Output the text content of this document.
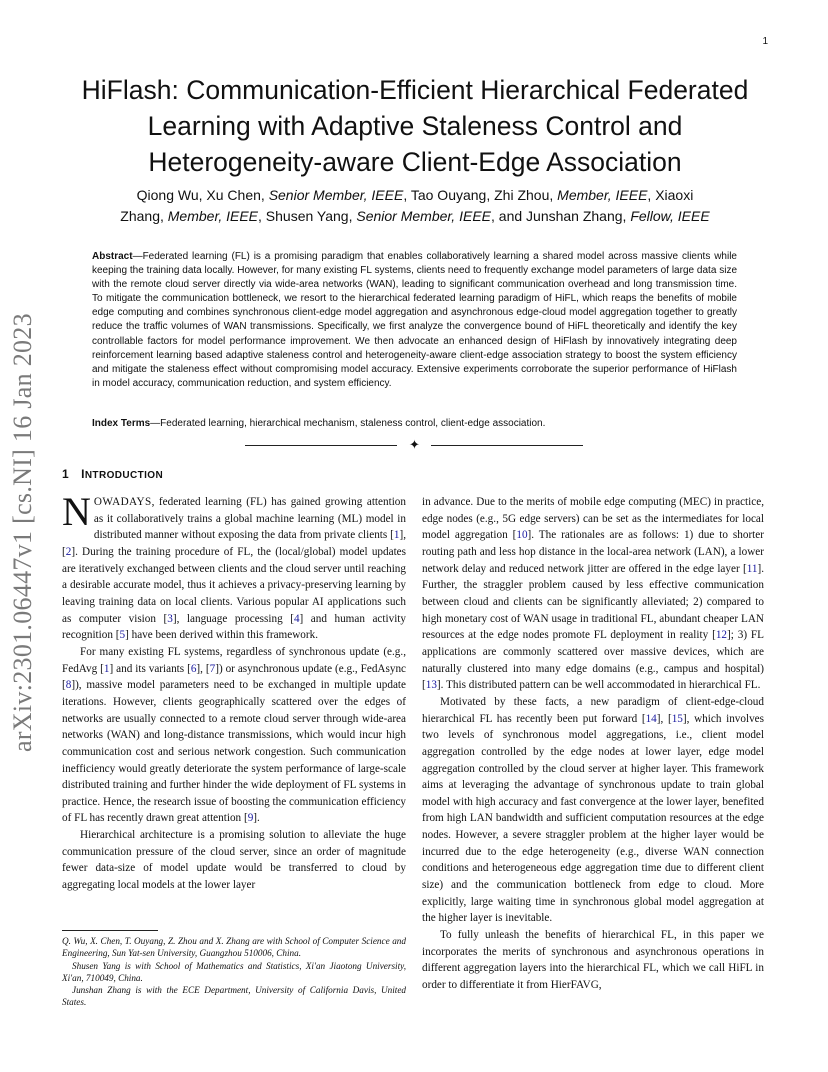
1
arXiv:2301.06447v1 [cs.NI] 16 Jan 2023
HiFlash: Communication-Efficient Hierarchical Federated
Learning with Adaptive Staleness Control and
Heterogeneity-aware Client-Edge Association
Qiong Wu, Xu Chen, Senior Member, IEEE, Tao Ouyang, Zhi Zhou, Member, IEEE, Xiaoxi
Zhang, Member, IEEE, Shusen Yang, Senior Member, IEEE, and Junshan Zhang, Fellow, IEEE
Abstract—Federated learning (FL) is a promising paradigm that enables collaboratively learning a shared model across massive clients while keeping the training data locally. However, for many existing FL systems, clients need to frequently exchange model parameters of large data size with the remote cloud server directly via wide-area networks (WAN), leading to significant communication overhead and long transmission time. To mitigate the communication bottleneck, we resort to the hierarchical federated learning paradigm of HiFL, which reaps the benefits of mobile edge computing and combines synchronous client-edge model aggregation and asynchronous edge-cloud model aggregation together to greatly reduce the traffic volumes of WAN transmissions. Specifically, we first analyze the convergence bound of HiFL theoretically and identify the key controllable factors for model performance improvement. We then advocate an enhanced design of HiFlash by innovatively integrating deep reinforcement learning based adaptive staleness control and heterogeneity-aware client-edge association strategy to boost the system efficiency and mitigate the staleness effect without compromising model accuracy. Extensive experiments corroborate the superior performance of HiFlash in model accuracy, communication reduction, and system efficiency.
Index Terms—Federated learning, hierarchical mechanism, staleness control, client-edge association.
✦
1 INTRODUCTION

NOWADAYS, federated learning (FL) has gained growing attention as it collaboratively trains a global machine learning (ML) model in distributed manner without exposing the data from private clients [1], [2]. During the training procedure of FL, the (local/global) model updates are iteratively exchanged between clients and the cloud server until reaching a desirable accurate model, thus it achieves a privacy-preserving learning by leaving training data on local clients. Various popular AI applications such as computer vision [3], language processing [4] and human activity recognition [5] have been derived within this framework.

For many existing FL systems, regardless of synchronous update (e.g., FedAvg [1] and its variants [6], [7]) or asynchronous update (e.g., FedAsync [8]), massive model parameters need to be exchanged in multiple update iterations. However, clients geographically scattered over the edges of networks are usually connected to a remote cloud server through wide-area networks (WAN) and long-distance transmissions, which would incur high communication cost and serious network congestion. Such communication inefficiency would greatly deteriorate the system performance of large-scale distributed training and further hinder the wide deployment of FL systems in practice. Hence, the research issue of boosting the communication efficiency of FL has recently drawn great attention [9].

Hierarchical architecture is a promising solution to alleviate the huge communication pressure of the cloud server, since an order of magnitude fewer data-size of model update would be transferred to cloud by aggregating local models at the lower layer

Q. Wu, X. Chen, T. Ouyang, Z. Zhou and X. Zhang are with School of Computer Science and Engineering, Sun Yat-sen University, Guangzhou 510006, China.

Shusen Yang is with School of Mathematics and Statistics, Xi'an Jiaotong University, Xi'an, 710049, China.

Junshan Zhang is with the ECE Department, University of California Davis, United States.

in advance. Due to the merits of mobile edge computing (MEC) in practice, edge nodes (e.g., 5G edge servers) can be set as the intermediates for local model aggregation [10]. The rationales are as follows: 1) due to shorter routing path and less hop distance in the local-area network (LAN), a lower network delay and reduced network jitter are offered in the edge layer [11]. Further, the straggler problem caused by less effective communication between cloud and clients can be significantly alleviated; 2) compared to high monetary cost of WAN usage in traditional FL, abundant cheaper LAN resources at the edge nodes promote FL deployment in reality [12]; 3) FL applications are commonly scattered over massive devices, which are naturally clustered into many edge domains (e.g., campus and hospital) [13]. This distributed pattern can be well accommodated in hierarchical FL.

Motivated by these facts, a new paradigm of client-edge-cloud hierarchical FL has recently been put forward [14], [15], which involves two levels of synchronous model aggregations, i.e., client model aggregation controlled by the edge nodes at lower layer, edge model aggregation controlled by the cloud server at higher layer. This framework aims at leveraging the advantage of synchronous update to train global model with high accuracy and fast convergence at the lower layer, benefited from high LAN bandwidth and sufficient computation resources at the edge nodes. However, a severe straggler problem at the higher layer would be incurred due to the edge heterogeneity (e.g., diverse WAN connection conditions and heterogeneous edge aggregation time due to different client size) and the communication bottleneck from edge to cloud. More explicitly, large waiting time in synchronous global model aggregation at the higher layer is inevitable.

To fully unleash the benefits of hierarchical FL, in this paper we incorporates the merits of synchronous and asynchronous operations in different aggregation layers into the hierarchical FL, which we call HiFL in order to differentiate it from HierFAVG,
